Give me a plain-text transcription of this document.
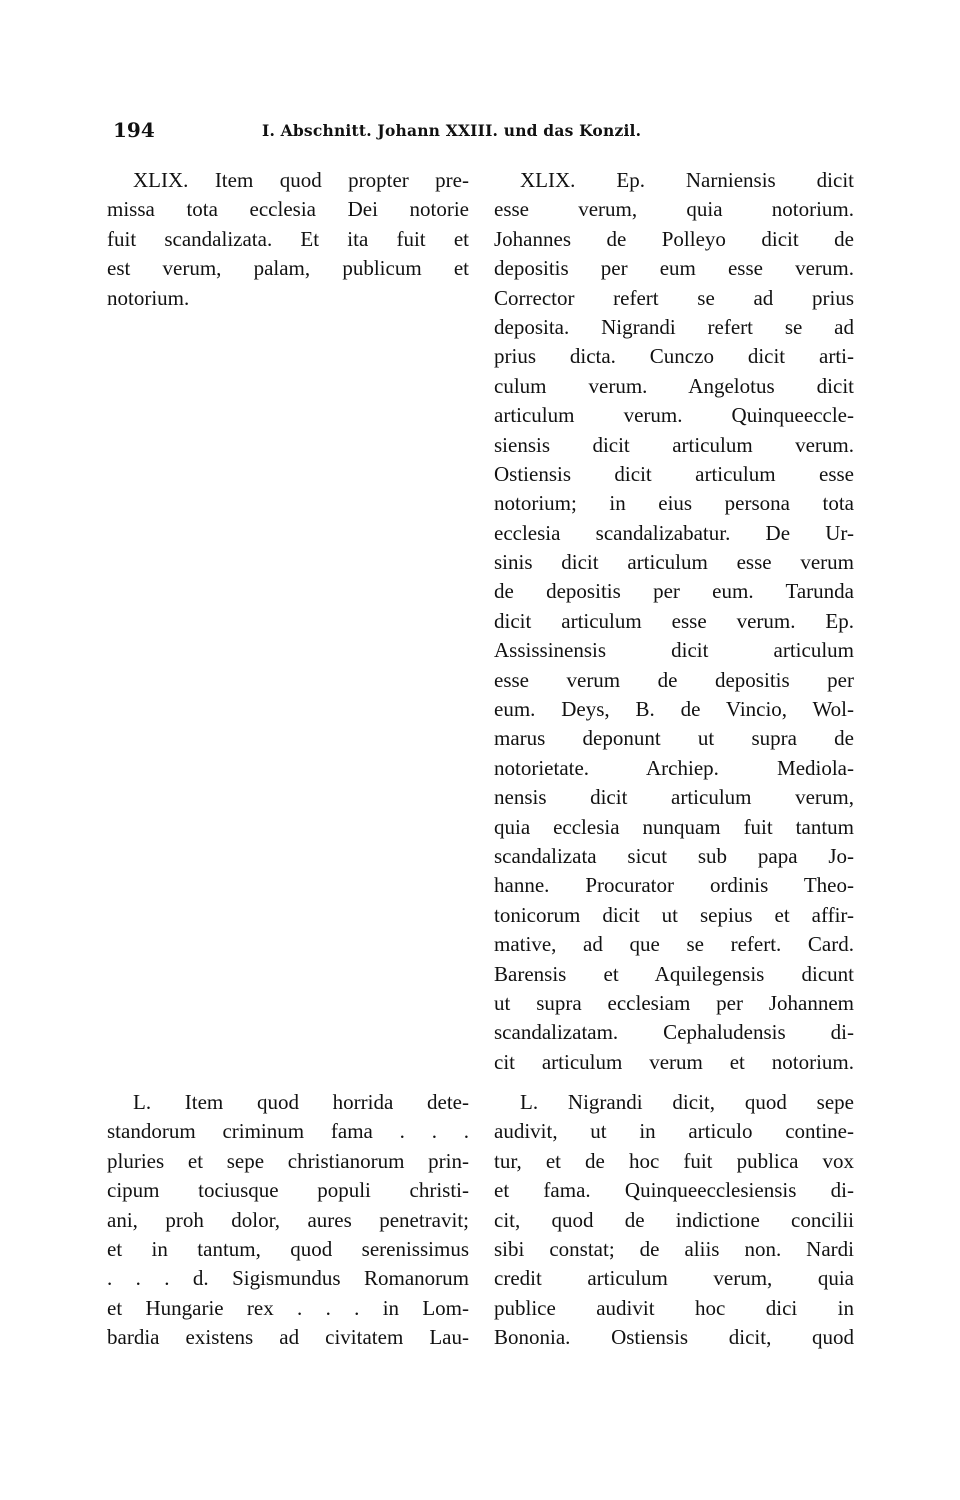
194	I. Abschnitt. Johann XXIII. und das Konzil.
XLIX. Item quod propter pre-
missa tota ecclesia Dei notorie
fuit scandalizata. Et ita fuit et
est verum, palam, publicum et
notorium.
L. Item quod horrida dete-
standorum criminum fama . . .
pluries et sepe christianorum prin-
cipum tociusque populi christi-
ani, proh dolor, aures penetravit;
et in tantum, quod serenissimus
. . . d. Sigismundus Romanorum
et Hungarie rex . . . in Lom-
bardia existens ad civitatem Lau-
XLIX. Ep. Narniensis dicit
esse verum, quia notorium.
Johannes de Polleyo dicit de
depositis per eum esse verum.
Corrector refert se ad prius
deposita. Nigrandi refert se ad
prius dicta. Cunczo dicit arti-
culum verum. Angelotus dicit
articulum verum. Quinqueeccle-
siensis dicit articulum verum.
Ostiensis dicit articulum esse
notorium; in eius persona tota
ecclesia scandalizabatur. De Ur-
sinis dicit articulum esse verum
de depositis per eum. Tarunda
dicit articulum esse verum. Ep.
Assissinensis dicit articulum
esse verum de depositis per
eum. Deys, B. de Vincio, Wol-
marus deponunt ut supra de
notorietate. Archiep. Mediola-
nensis dicit articulum verum,
quia ecclesia nunquam fuit tantum
scandalizata sicut sub papa Jo-
hanne. Procurator ordinis Theo-
tonicorum dicit ut sepius et affir-
mative, ad que se refert. Card.
Barensis et Aquilegensis dicunt
ut supra ecclesiam per Johannem
scandalizatam. Cephaludensis di-
cit articulum verum et notorium.
L. Nigrandi dicit, quod sepe
audivit, ut in articulo contine-
tur, et de hoc fuit publica vox
et fama. Quinqueecclesiensis di-
cit, quod de indictione concilii
sibi constat; de aliis non. Nardi
credit articulum verum, quia
publice audivit hoc dici in
Bononia. Ostiensis dicit, quod
